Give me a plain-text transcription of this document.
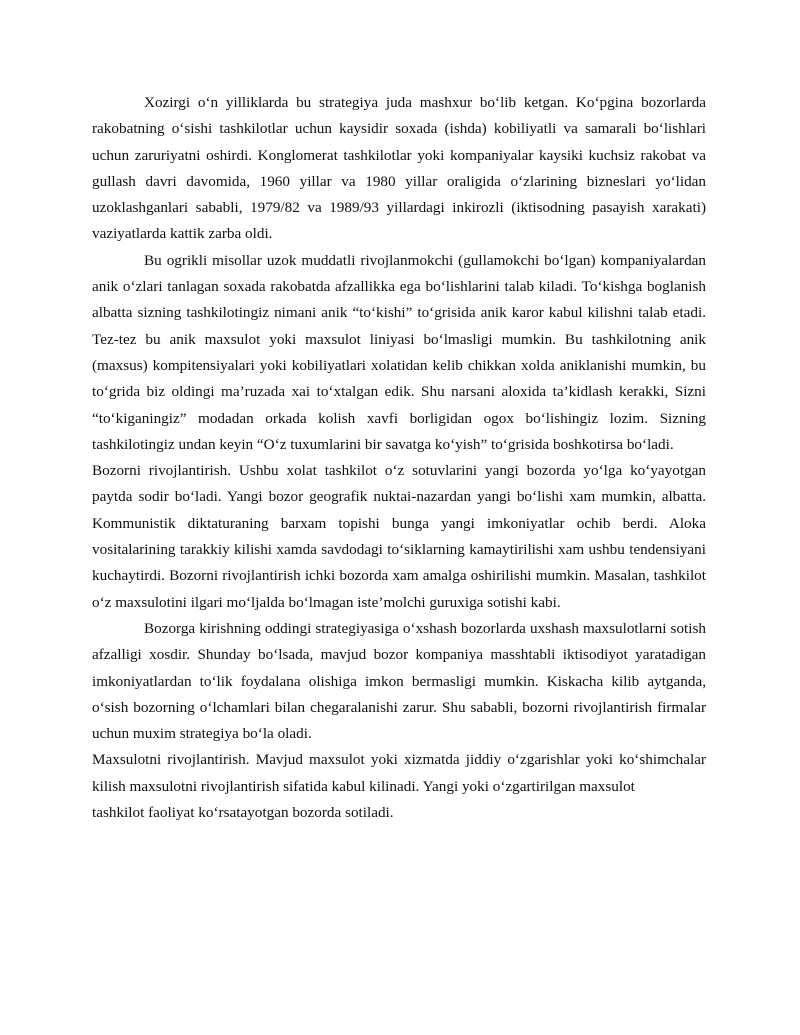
Xozirgi o‘n yilliklarda bu strategiya juda mashxur bo‘lib ketgan. Ko‘pgina bozorlarda rakobatning o‘sishi tashkilotlar uchun kaysidir soxada (ishda) kobiliyatli va samarali bo‘lishlari uchun zaruriyatni oshirdi. Konglomerat tashkilotlar yoki kompaniyalar kaysiki kuchsiz rakobat va gullash davri davomida, 1960 yillar va 1980 yillar oraligida o‘zlarining bizneslari yo‘lidan uzoklashganlari sababli, 1979/82 va 1989/93 yillardagi inkirozli (iktisodning pasayish xarakati) vaziyatlarda kattik zarba oldi.

Bu ogrikli misollar uzok muddatli rivojlanmokchi (gullamokchi bo‘lgan) kompaniyalardan anik o‘zlari tanlagan soxada rakobatda afzallikka ega bo‘lishlarini talab kiladi. To‘kishga boglanish albatta sizning tashkilotingiz nimani anik “to‘kishi” to‘grisida anik karor kabul kilishni talab etadi. Tez-tez bu anik maxsulot yoki maxsulot liniyasi bo‘lmasligi mumkin. Bu tashkilotning anik (maxsus) kompitensiyalari yoki kobiliyatlari xolatidan kelib chikkan xolda aniklanishi mumkin, bu to‘grida biz oldingi ma’ruzada xai to‘xtalgan edik. Shu narsani aloxida ta’kidlash kerakki, Sizni “to‘kiganingiz” modadan orkada kolish xavfi borligidan ogox bo‘lishingiz lozim. Sizning tashkilotingiz undan keyin “O‘z tuxumlarini bir savatga ko‘yish” to‘grisida boshkotirsa bo‘ladi.

Bozorni rivojlantirish. Ushbu xolat tashkilot o‘z sotuvlarini yangi bozorda yo‘lga ko‘yayotgan paytda sodir bo‘ladi. Yangi bozor geografik nuktai-nazardan yangi bo‘lishi xam mumkin, albatta. Kommunistik diktaturaning barxam topishi bunga yangi imkoniyatlar ochib berdi. Aloka vositalarining tarakkiy kilishi xamda savdodagi to‘siklarning kamaytirilishi xam ushbu tendensiyani kuchaytirdi. Bozorni rivojlantirish ichki bozorda xam amalga oshirilishi mumkin. Masalan, tashkilot o‘z maxsulotini ilgari mo‘ljalda bo‘lmagan iste’molchi guruxiga sotishi kabi.

Bozorga kirishning oddingi strategiyasiga o‘xshash bozorlarda uxshash maxsulotlarni sotish afzalligi xosdir. Shunday bo‘lsada, mavjud bozor kompaniya masshtabli iktisodiyot yaratadigan imkoniyatlardan to‘lik foydalana olishiga imkon bermasligi mumkin. Kiskacha kilib aytganda, o‘sish bozorning o‘lchamlari bilan chegaralanishi zarur. Shu sababli, bozorni rivojlantirish firmalar uchun muxim strategiya bo‘la oladi.

Maxsulotni rivojlantirish. Mavjud maxsulot yoki xizmatda jiddiy o‘zgarishlar yoki ko‘shimchalar kilish maxsulotni rivojlantirish sifatida kabul kilinadi. Yangi yoki o‘zgartirilgan maxsulot

tashkilot faoliyat ko‘rsatayotgan bozorda sotiladi.
